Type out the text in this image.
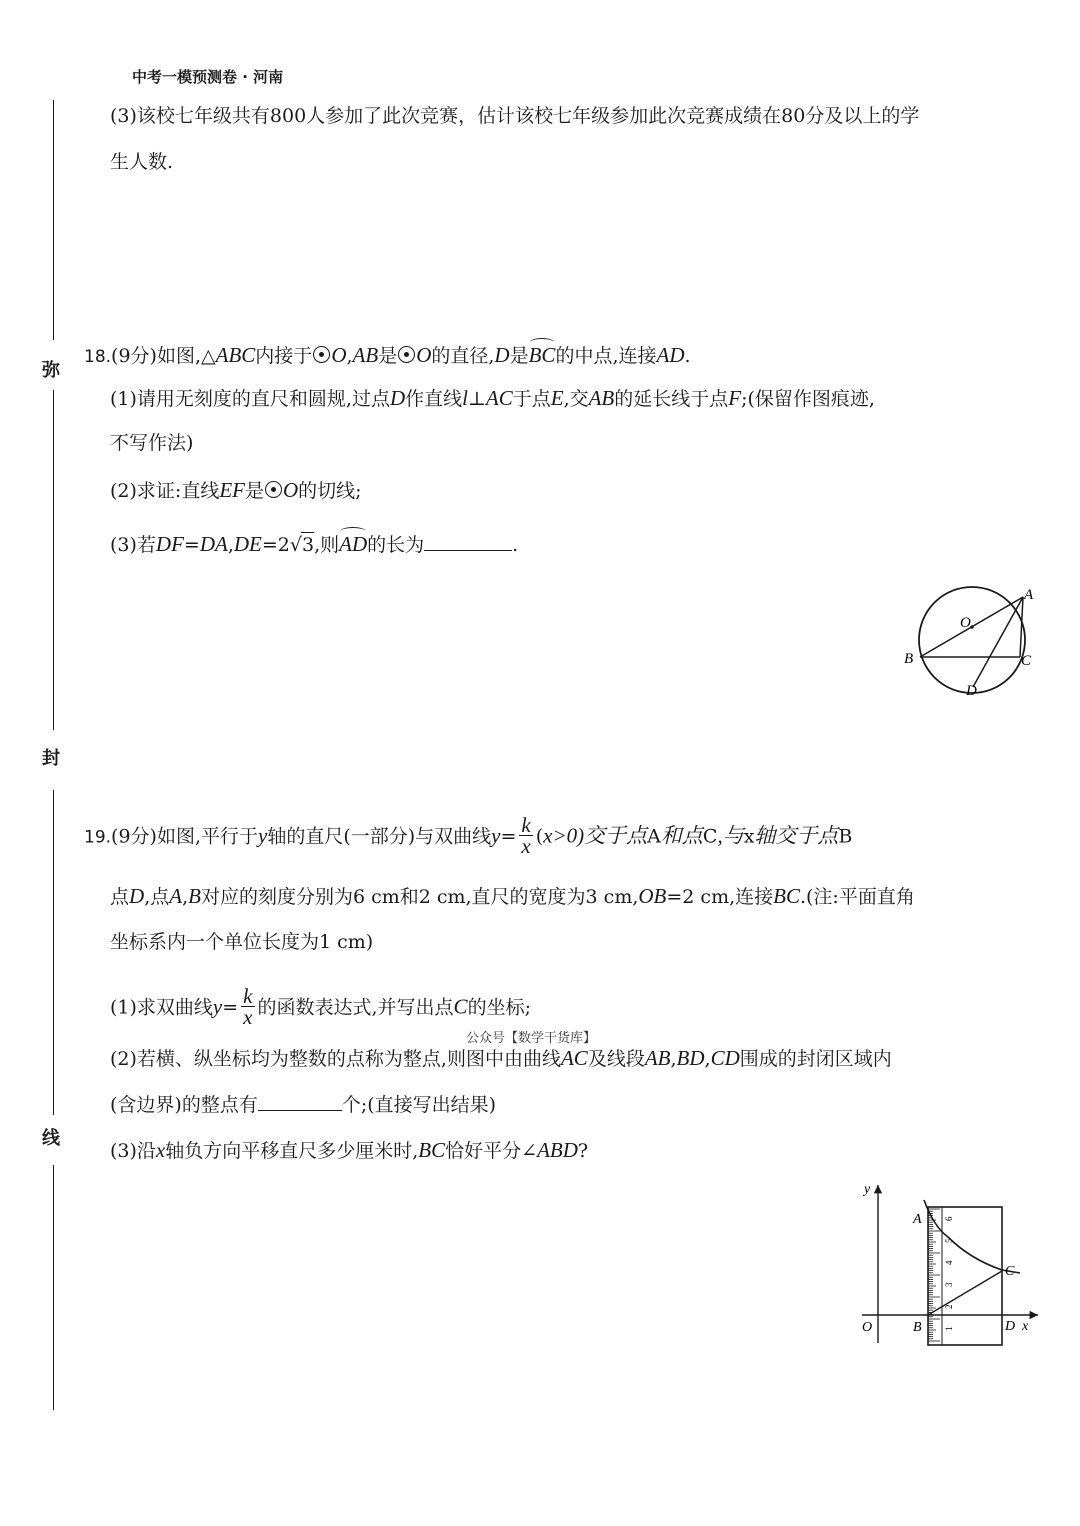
中考一模预测卷 · 河南
弥
封
线
(3)该校七年级共有800人参加了此次竞赛，估计该校七年级参加此次竞赛成绩在80分及以上的学
生人数.
18.(9分)如图,△ABC内接于 O,AB是 O的直径,D是BC的中点,连接AD.
(1)请用无刻度的直尺和圆规,过点D作直线l⊥AC于点E,交AB的延长线于点F;(保留作图痕迹,
不写作法)
(2)求证:直线EF是 O的切线;
(3)若DF=DA,DE=2√3,则AD的长为	.
A
O
B	C
D
19.(9分)如图,平行于y轴的直尺(一部分)与双曲线$y= \frac{k}{x} (x>0)$交于点A和点C,与x轴交于点B
点D,点A,B对应的刻度分别为6 cm和2 cm,直尺的宽度为3 cm,OB=2 cm,连接BC.(注:平面直角
坐标系内一个单位长度为1 cm)
(1)求双曲线$y= \frac{k}{x}$ 的函数表达式,并写出点C的坐标;
公众号【数学干货库】
(2)若横、纵坐标均为整数的点称为整点,则图中由曲线AC及线段AB,BD,CD围成的封闭区域内
(含边界)的整点有	个;(直接写出结果)
(3)沿x轴负方向平移直尺多少厘米时,BC恰好平分∠ABD?
1
2
3
4
5
6
y
x
O
A
B
C
D
